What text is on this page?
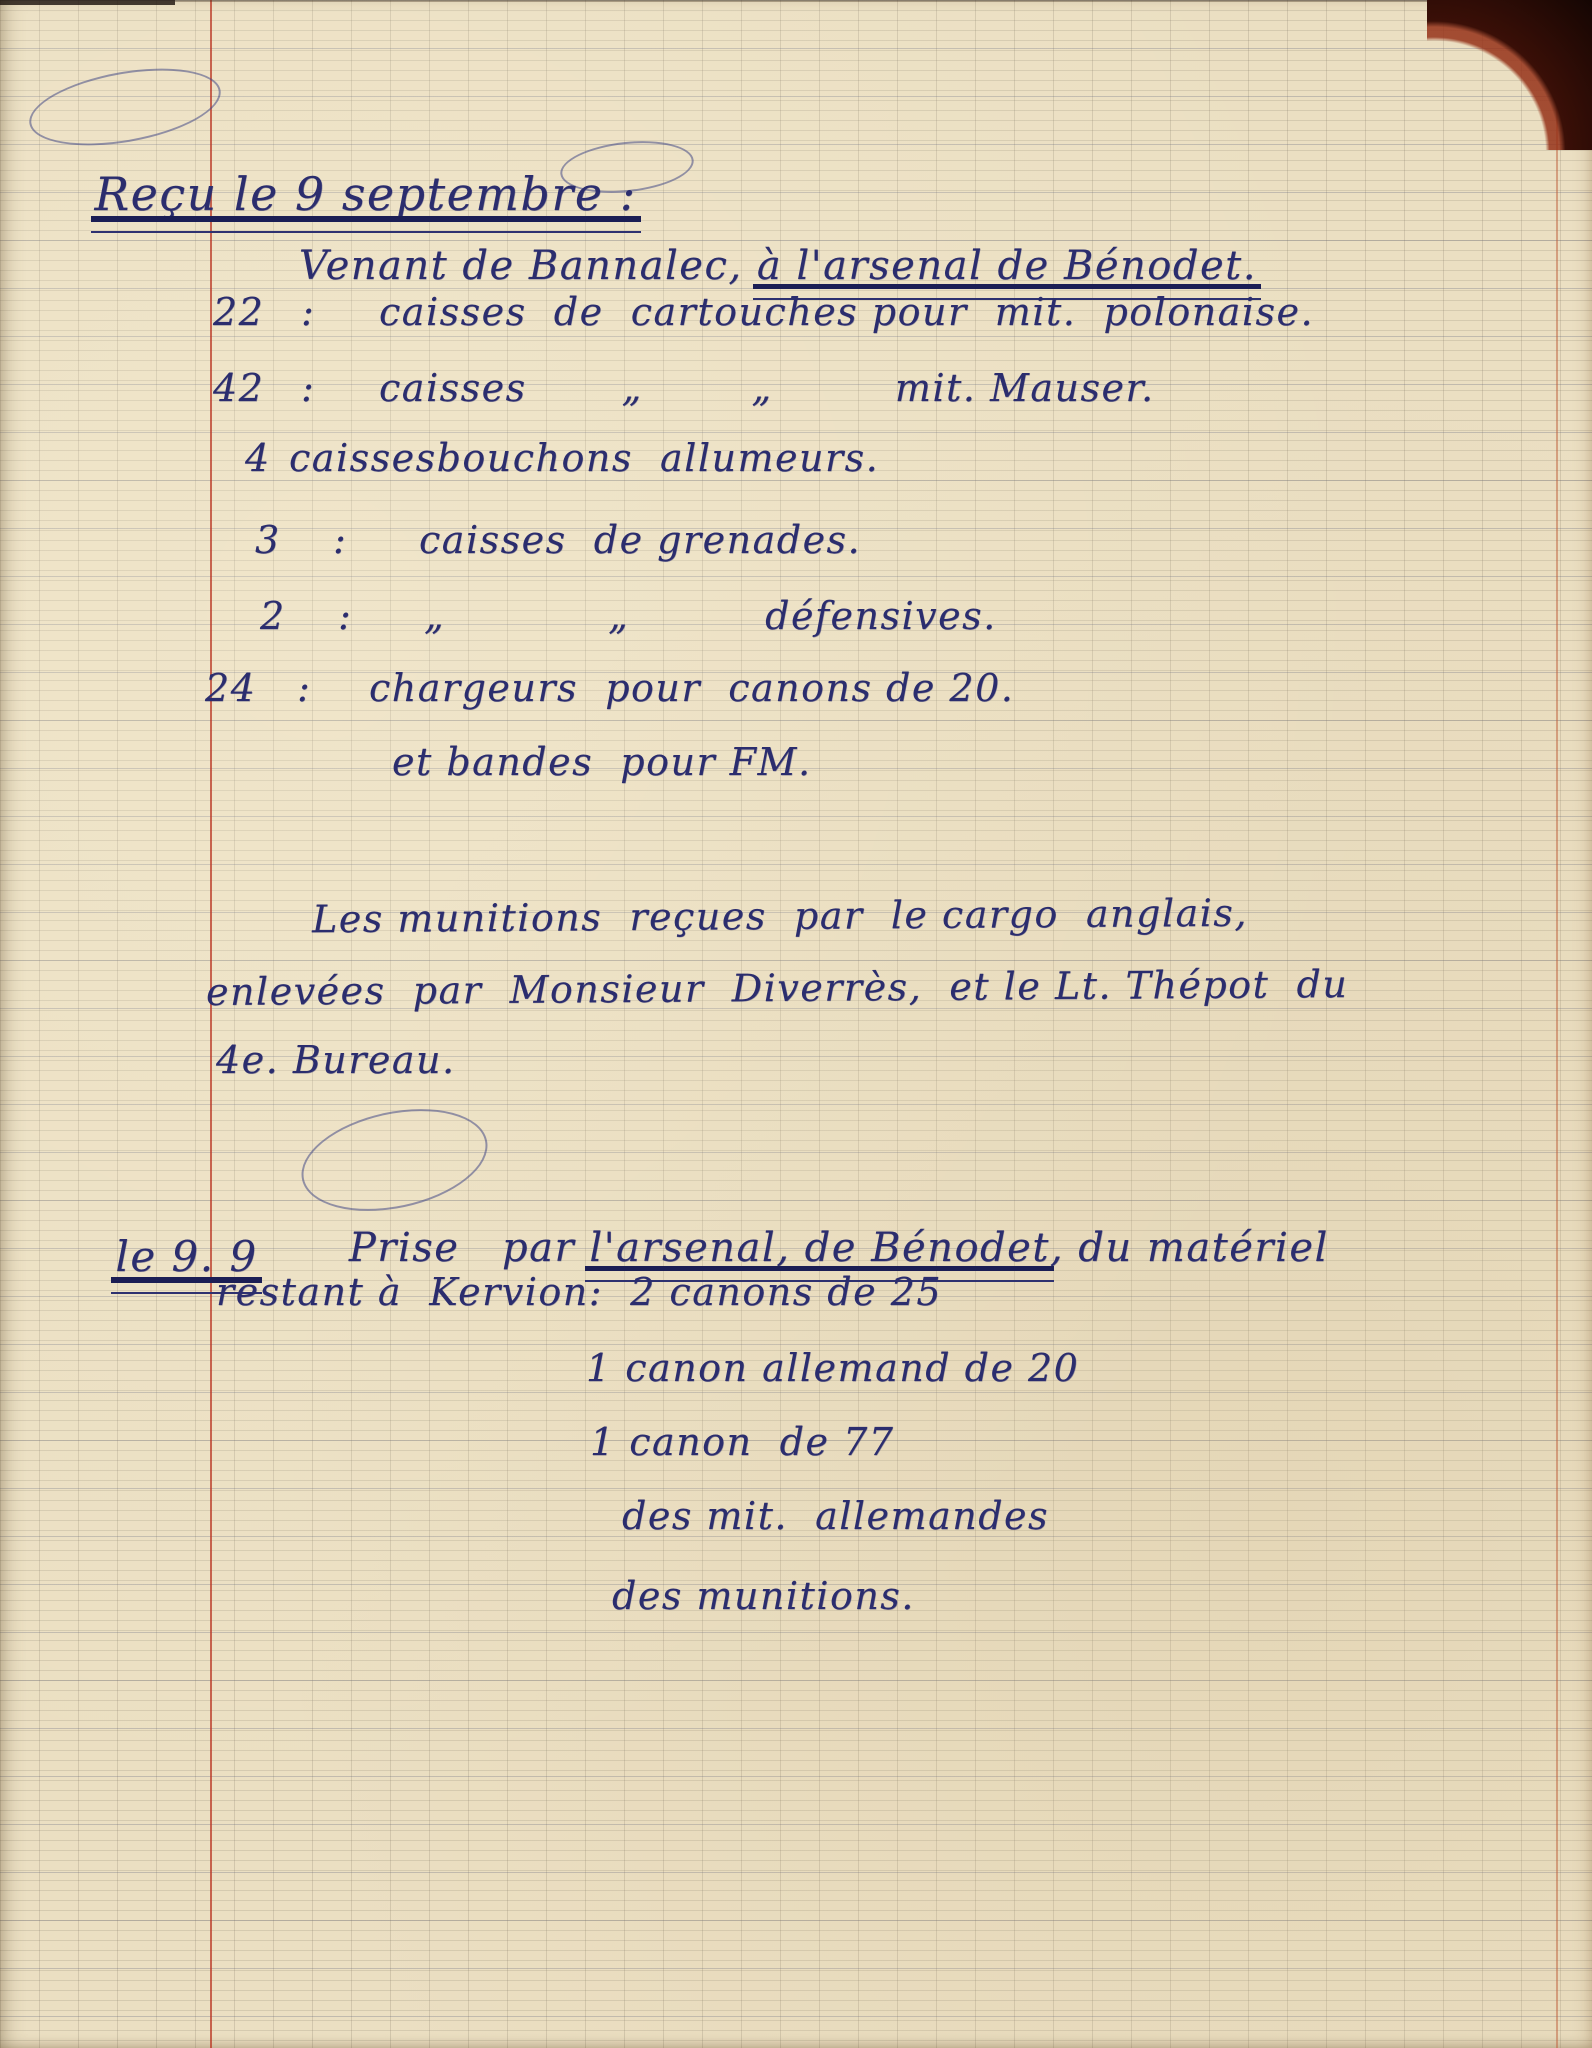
Reçu le 9 septembre :

Venant de Bannalec, à l'arsenal de Bénodet.

22 :	caisses  de  cartouches pour  mit.  polonaise.
42 :	caisses       „        „         mit. Mauser.
4 caissesbouchons  allumeurs.
3	:	caisses  de grenades.
2	:	„            „          défensives.
24	:	chargeurs  pour  canons de 20.
et bandes  pour FM.
Les munitions  reçues  par  le cargo  anglais,
enlevées  par  Monsieur  Diverrès,  et le Lt. Thépot  du
4e. Bureau.

le 9. 9
	Prise   par l'arsenal, de Bénodet, du matériel

restant à  Kervion:  2 canons de 25
1 canon allemand de 20
1 canon  de 77
des mit.  allemandes
des munitions.
